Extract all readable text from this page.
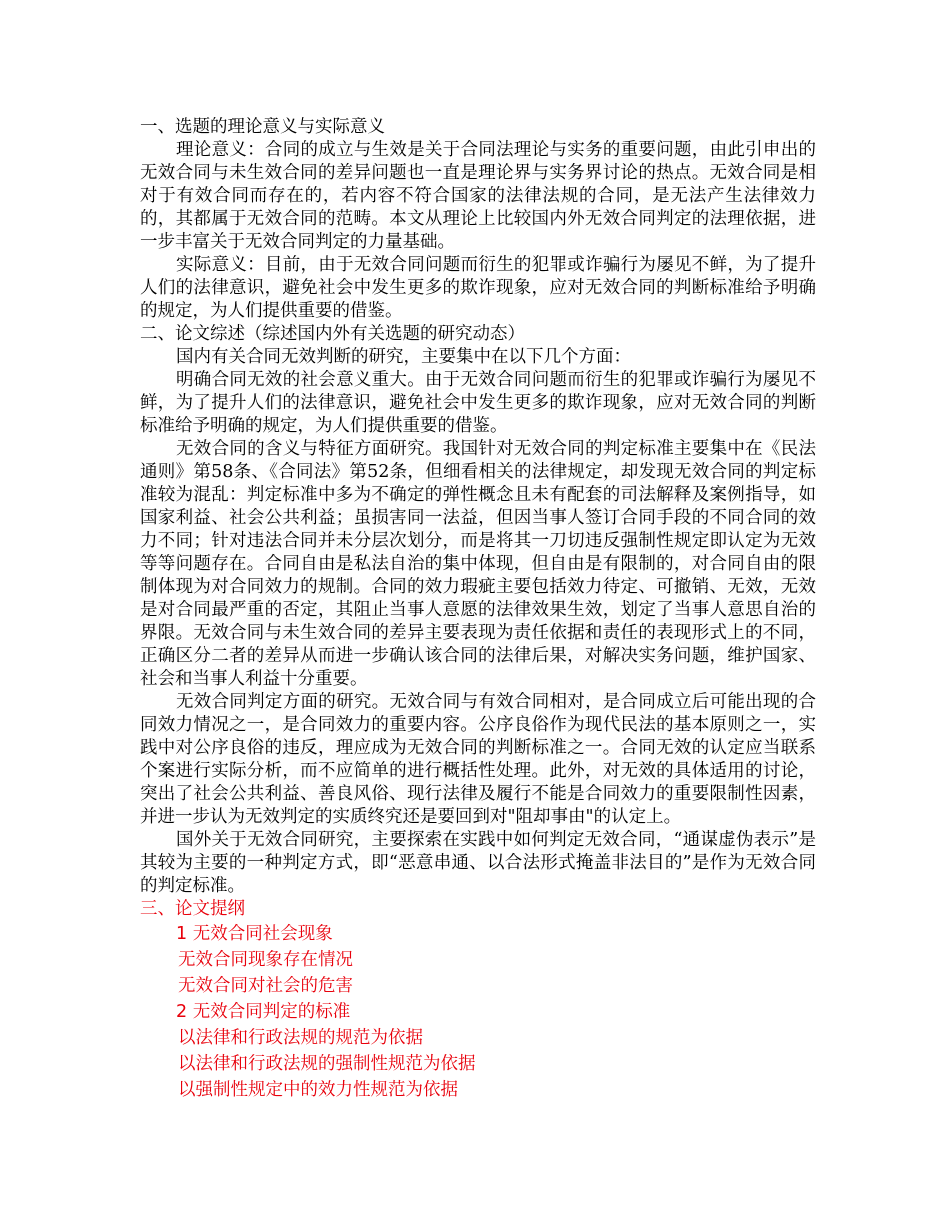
一、选题的理论意义与实际意义

理论意义：合同的成立与生效是关于合同法理论与实务的重要问题，由此引申出的无效合同与未生效合同的差异问题也一直是理论界与实务界讨论的热点。无效合同是相对于有效合同而存在的，若内容不符合国家的法律法规的合同，是无法产生法律效力的，其都属于无效合同的范畴。本文从理论上比较国内外无效合同判定的法理依据，进一步丰富关于无效合同判定的力量基础。

实际意义：目前，由于无效合同问题而衍生的犯罪或诈骗行为屡见不鲜，为了提升人们的法律意识，避免社会中发生更多的欺诈现象，应对无效合同的判断标准给予明确的规定，为人们提供重要的借鉴。

二、论文综述（综述国内外有关选题的研究动态）

国内有关合同无效判断的研究，主要集中在以下几个方面：

明确合同无效的社会意义重大。由于无效合同问题而衍生的犯罪或诈骗行为屡见不鲜，为了提升人们的法律意识，避免社会中发生更多的欺诈现象，应对无效合同的判断标准给予明确的规定，为人们提供重要的借鉴。

无效合同的含义与特征方面研究。我国针对无效合同的判定标准主要集中在《民法通则》第58条、《合同法》第52条，但细看相关的法律规定，却发现无效合同的判定标准较为混乱：判定标准中多为不确定的弹性概念且未有配套的司法解释及案例指导，如国家利益、社会公共利益；虽损害同一法益，但因当事人签订合同手段的不同合同的效力不同；针对违法合同并未分层次划分，而是将其一刀切违反强制性规定即认定为无效等等问题存在。合同自由是私法自治的集中体现，但自由是有限制的，对合同自由的限制体现为对合同效力的规制。合同的效力瑕疵主要包括效力待定、可撤销、无效，无效是对合同最严重的否定，其阻止当事人意愿的法律效果生效，划定了当事人意思自治的界限。无效合同与未生效合同的差异主要表现为责任依据和责任的表现形式上的不同，正确区分二者的差异从而进一步确认该合同的法律后果，对解决实务问题，维护国家、社会和当事人利益十分重要。

无效合同判定方面的研究。无效合同与有效合同相对，是合同成立后可能出现的合同效力情况之一，是合同效力的重要内容。公序良俗作为现代民法的基本原则之一，实践中对公序良俗的违反，理应成为无效合同的判断标准之一。合同无效的认定应当联系个案进行实际分析，而不应简单的进行概括性处理。此外，对无效的具体适用的讨论，突出了社会公共利益、善良风俗、现行法律及履行不能是合同效力的重要限制性因素，并进一步认为无效判定的实质终究还是要回到对"阻却事由"的认定上。

国外关于无效合同研究，主要探索在实践中如何判定无效合同，“通谋虚伪表示”是其较为主要的一种判定方式，即“恶意串通、以合法形式掩盖非法目的”是作为无效合同的判定标准。

三、论文提纲

1 无效合同社会现象

无效合同现象存在情况

无效合同对社会的危害

2 无效合同判定的标准

以法律和行政法规的规范为依据

以法律和行政法规的强制性规范为依据

以强制性规定中的效力性规范为依据
